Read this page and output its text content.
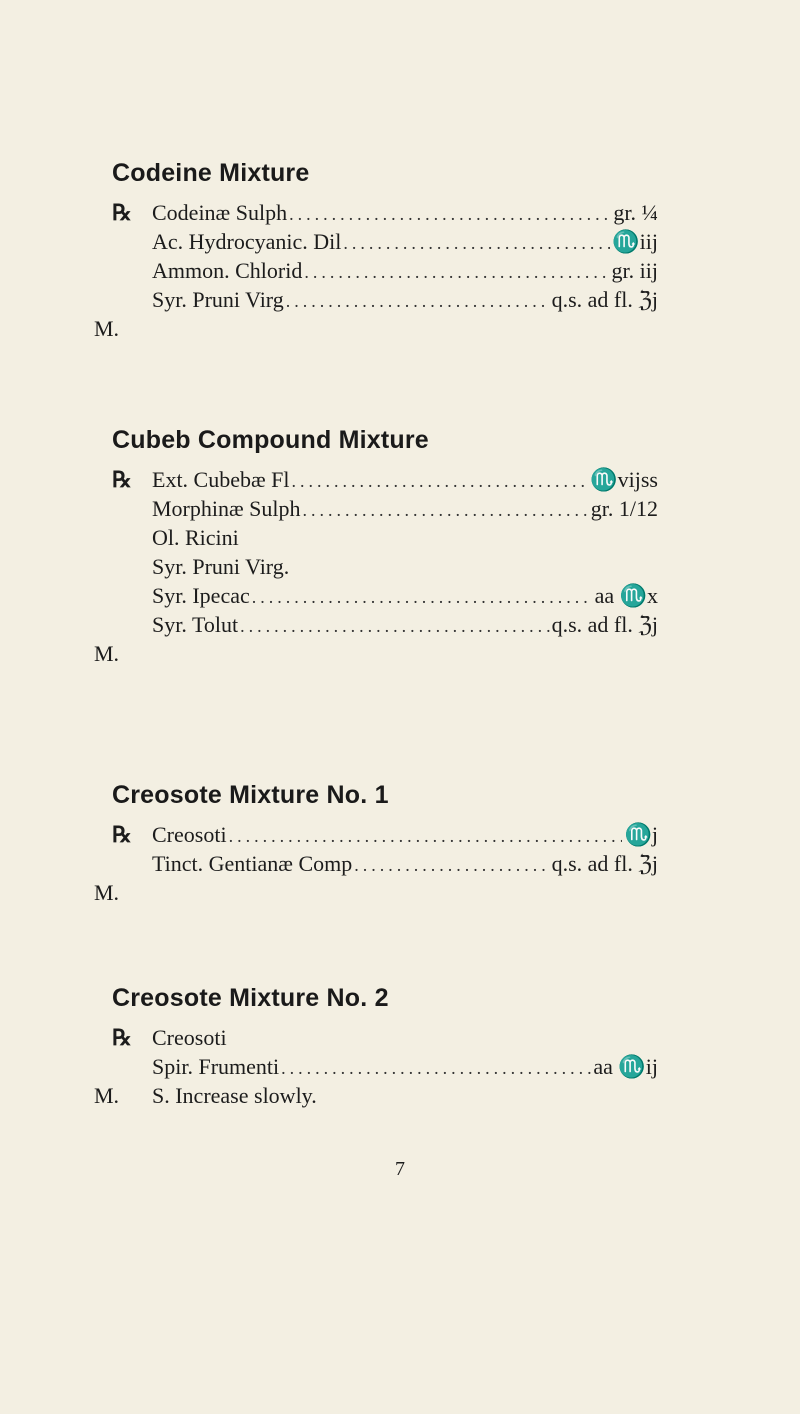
Codeine Mixture
℞ Codeinæ Sulph .....	gr. ¼
Ac. Hydrocyanic. Dil .....	♏iij
Ammon. Chlorid .....	gr. iij
Syr. Pruni Virg .....	q.s. ad fl. ℨj
M.
Cubeb Compound Mixture
℞ Ext. Cubebæ Fl .....	♏vijss
Morphinæ Sulph .....	gr. 1/12
Ol. Ricini
Syr. Pruni Virg.
Syr. Ipecac .....	aa ♏x
Syr. Tolut .....	q.s. ad fl. ℨj
M.
Creosote Mixture No. 1
℞ Creosoti .....	♏j
Tinct. Gentianæ Comp .....	q.s. ad fl. ℨj
M.
Creosote Mixture No. 2
℞ Creosoti
Spir. Frumenti .....	aa ♏ij
M. S. Increase slowly.
7
